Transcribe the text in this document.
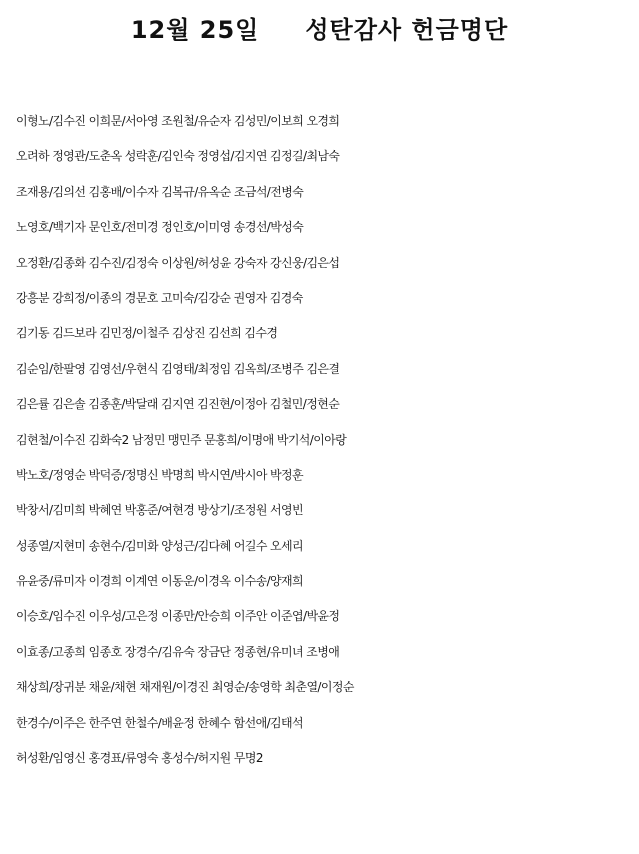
12월 25일 성탄감사 헌금명단
이형노/김수진 이희문/서아영 조원철/유순자 김성민/이보희 오경희
오려하 정영관/도춘옥 성락훈/김인숙 정영섭/김지연 김정길/최남숙
조재용/김의선 김홍배/이수자 김복규/유옥순 조금석/전병숙
노영호/백기자 문인호/전미경 정인호/이미영 송경선/박성숙
오정환/김종화 김수진/김정숙 이상원/허성윤 강숙자 강신웅/김은섭
강흥분 강희정/이종의 경문호 고미숙/김강순 권영자 김경숙
김기동 김드보라 김민정/이철주 김상진 김선희 김수경
김순임/한팔영 김영선/우현식 김영태/최정임 김옥희/조병주 김은결
김은률 김은솔 김종훈/박달래 김지연 김진현/이정아 김철민/정현순
김현철/이수진 김화숙2 남정민 맹민주 문홍희/이명애 박기석/이아랑
박노호/정영순 박덕증/정명신 박명희 박시연/박시아 박정훈
박창서/김미희 박혜연 박홍준/여현경 방상기/조정원 서영빈
성종열/지현미 송현수/김미화 양성근/김다혜 어길수 오세리
유윤중/류미자 이경희 이계연 이동운/이경옥 이수송/양재희
이승호/임수진 이우성/고은정 이종만/안승희 이주안 이준엽/박윤정
이효종/고종희 임종호 장경수/김유숙 장금단 정종현/유미녀 조병애
채상희/장귀분 채윤/채현 채재원/이경진 최영순/송영학 최춘열/이정순
한경수/이주은 한주연 한철수/배윤정 한혜수 함선애/김태석
허성환/임영신 홍경표/류영숙 홍성수/허지원 무명2
